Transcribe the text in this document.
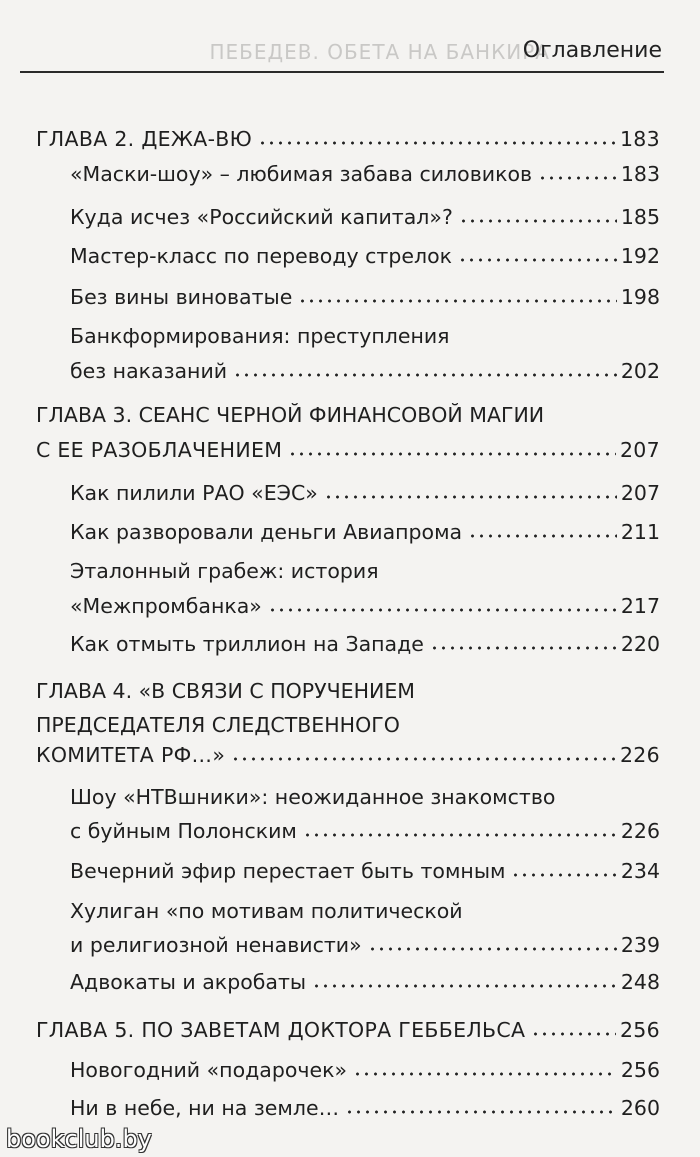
ПЕБЕДЕВ. ОБЕТА НА БАНКИРА
Оглавление
ГЛАВА 2. ДЕЖА-ВЮ	183
«Маски-шоу» – любимая забава силовиков	183
Куда исчез «Российский капитал»?	185
Мастер-класс по переводу стрелок	192
Без вины виноватые	198
Банкформирования: преступления
без наказаний	202
ГЛАВА 3. СЕАНС ЧЕРНОЙ ФИНАНСОВОЙ МАГИИ
С ЕЕ РАЗОБЛАЧЕНИЕМ	207
Как пилили РАО «ЕЭС»	207
Как разворовали деньги Авиапрома	211
Эталонный грабеж: история
«Межпромбанка»	217
Как отмыть триллион на Западе	220
ГЛАВА 4. «В СВЯЗИ С ПОРУЧЕНИЕМ
ПРЕДСЕДАТЕЛЯ СЛЕДСТВЕННОГО
КОМИТЕТА РФ…»	226
Шоу «НТВшники»: неожиданное знакомство
с буйным Полонским	226
Вечерний эфир перестает быть томным	234
Хулиган «по мотивам политической
и религиозной ненависти»	239
Адвокаты и акробаты	248
ГЛАВА 5. ПО ЗАВЕТАМ ДОКТОРА ГЕББЕЛЬСА	256
Новогодний «подарочек»	256
Ни в небе, ни на земле…	260
bookclub.by
